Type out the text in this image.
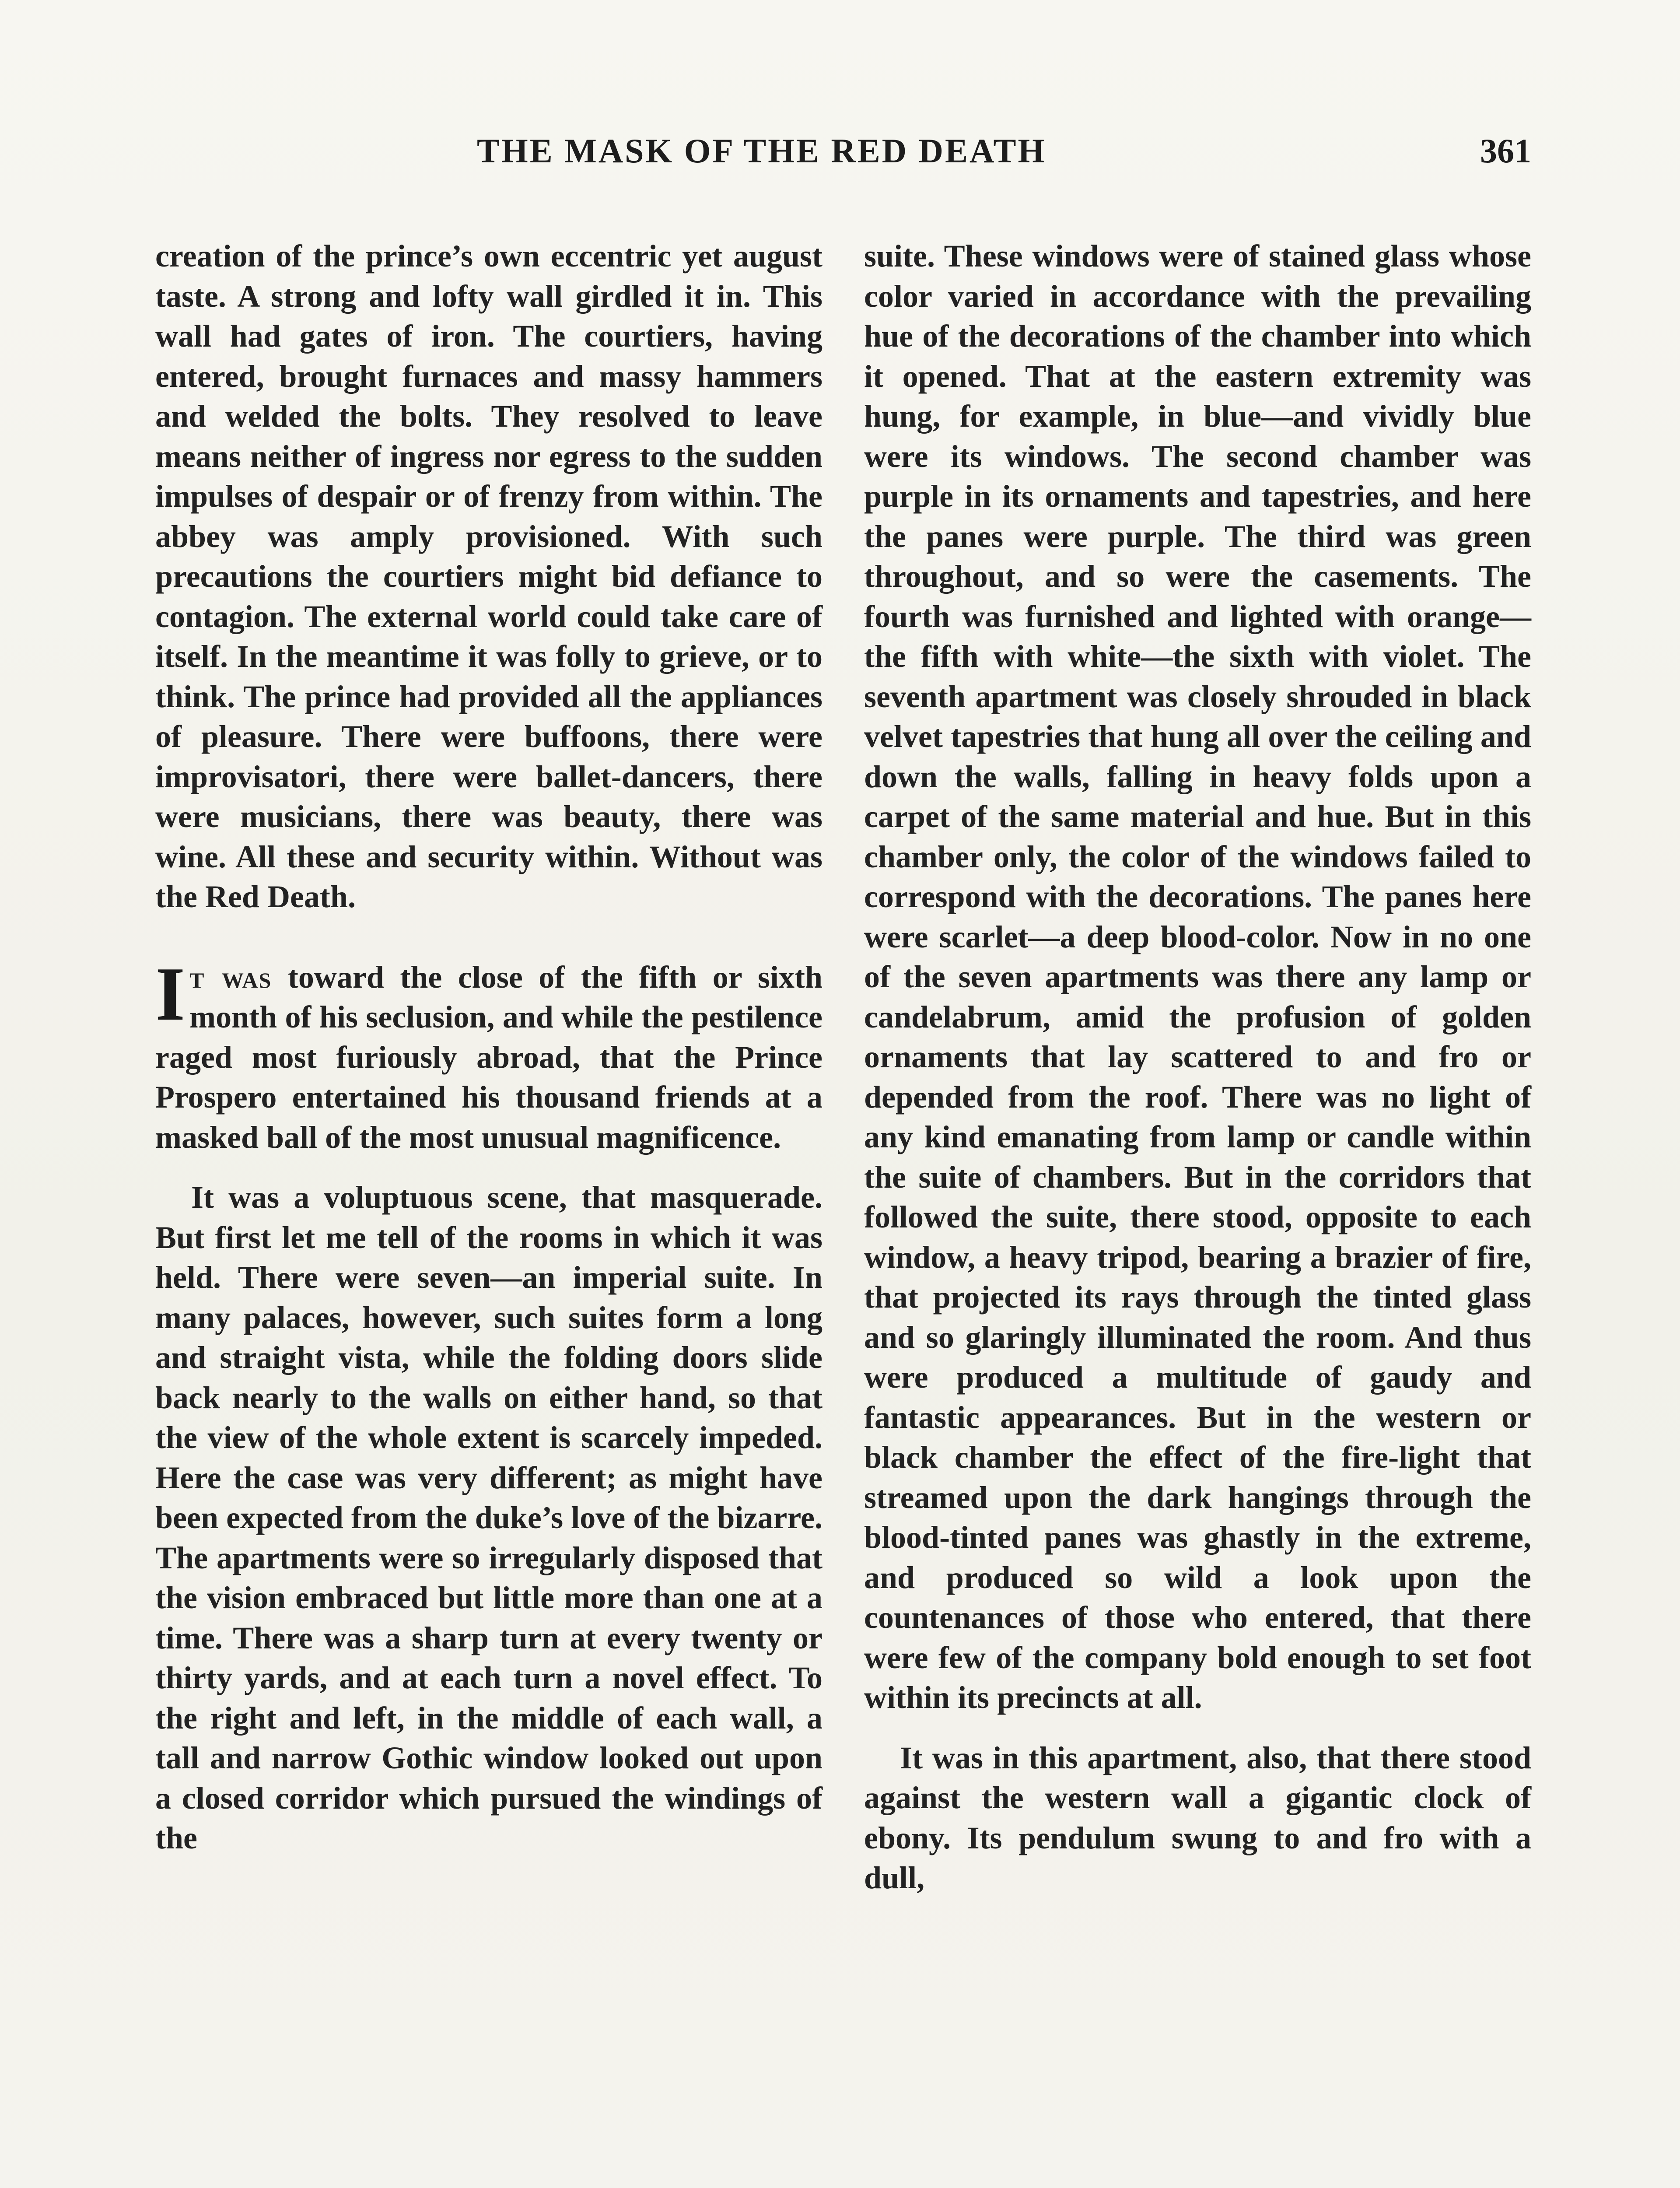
THE MASK OF THE RED DEATH	361

creation of the prince’s own eccentric yet august taste. A strong and lofty wall girdled it in. This wall had gates of iron. The courtiers, having entered, brought furnaces and massy hammers and welded the bolts. They resolved to leave means neither of ingress nor egress to the sudden impulses of despair or of frenzy from within. The abbey was amply provisioned. With such precautions the courtiers might bid defiance to contagion. The external world could take care of itself. In the meantime it was folly to grieve, or to think. The prince had provided all the appliances of pleasure. There were buffoons, there were improvisatori, there were ballet-dancers, there were musicians, there was beauty, there was wine. All these and security within. Without was the Red Death.

It was toward the close of the fifth or sixth month of his seclusion, and while the pestilence raged most furiously abroad, that the Prince Prospero entertained his thousand friends at a masked ball of the most unusual magnificence.

It was a voluptuous scene, that masquerade. But first let me tell of the rooms in which it was held. There were seven—an imperial suite. In many palaces, however, such suites form a long and straight vista, while the folding doors slide back nearly to the walls on either hand, so that the view of the whole extent is scarcely impeded. Here the case was very different; as might have been expected from the duke’s love of the bizarre. The apartments were so irregularly disposed that the vision embraced but little more than one at a time. There was a sharp turn at every twenty or thirty yards, and at each turn a novel effect. To the right and left, in the middle of each wall, a tall and narrow Gothic window looked out upon a closed corridor which pursued the windings of the

suite. These windows were of stained glass whose color varied in accordance with the prevailing hue of the decorations of the chamber into which it opened. That at the eastern extremity was hung, for example, in blue—and vividly blue were its windows. The second chamber was purple in its ornaments and tapestries, and here the panes were purple. The third was green throughout, and so were the casements. The fourth was furnished and lighted with orange—the fifth with white—the sixth with violet. The seventh apartment was closely shrouded in black velvet tapestries that hung all over the ceiling and down the walls, falling in heavy folds upon a carpet of the same material and hue. But in this chamber only, the color of the windows failed to correspond with the decorations. The panes here were scarlet—a deep blood-color. Now in no one of the seven apartments was there any lamp or candelabrum, amid the profusion of golden ornaments that lay scattered to and fro or depended from the roof. There was no light of any kind emanating from lamp or candle within the suite of chambers. But in the corridors that followed the suite, there stood, opposite to each window, a heavy tripod, bearing a brazier of fire, that projected its rays through the tinted glass and so glaringly illuminated the room. And thus were produced a multitude of gaudy and fantastic appearances. But in the western or black chamber the effect of the fire-light that streamed upon the dark hangings through the blood-tinted panes was ghastly in the extreme, and produced so wild a look upon the countenances of those who entered, that there were few of the company bold enough to set foot within its precincts at all.

It was in this apartment, also, that there stood against the western wall a gigantic clock of ebony. Its pendulum swung to and fro with a dull,
